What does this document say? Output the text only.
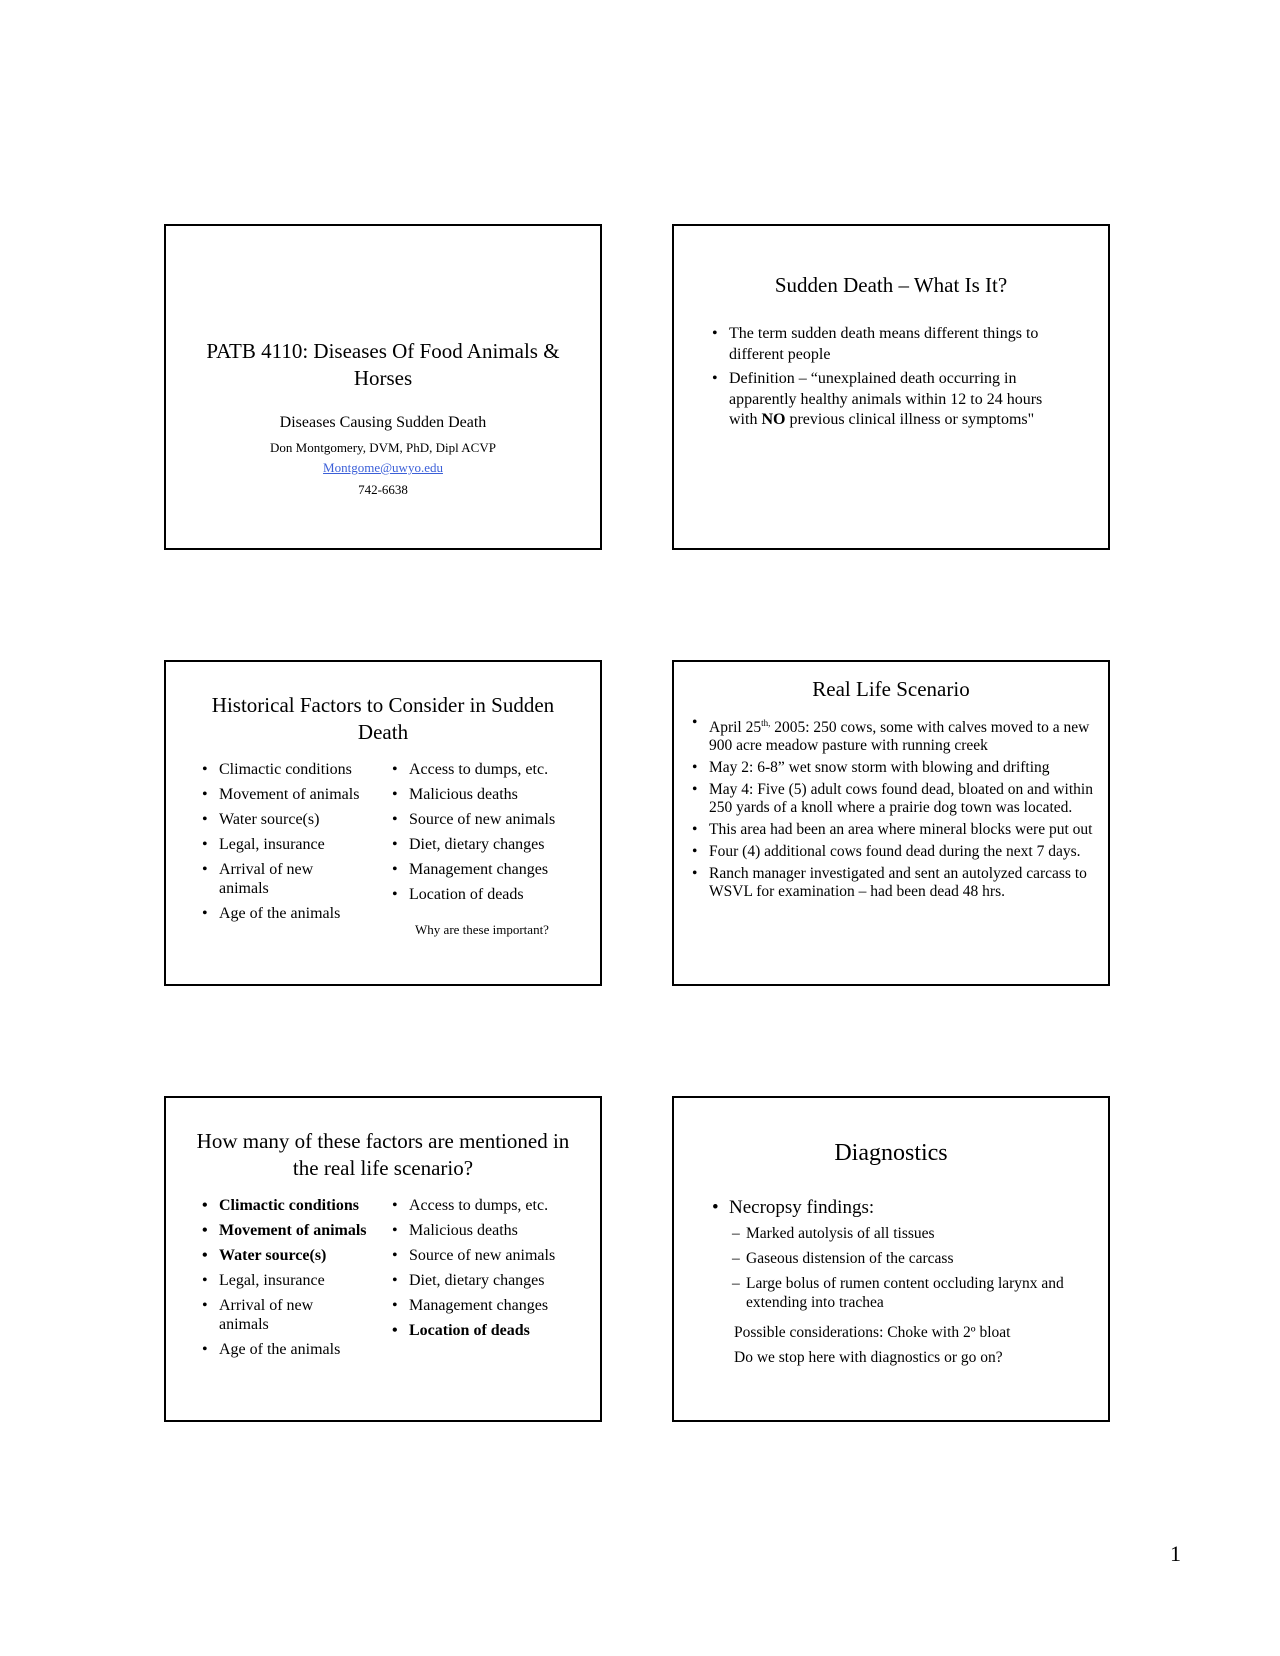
PATB 4110: Diseases Of Food Animals & Horses
Diseases Causing Sudden Death
Don Montgomery, DVM, PhD, Dipl ACVP
Montgome@uwyo.edu
742-6638
Sudden Death – What Is It?
• The term sudden death means different things to different people
• Definition – “unexplained death occurring in apparently healthy animals within 12 to 24 hours with NO previous clinical illness or symptoms"
Historical Factors to Consider in Sudden Death
• Climactic conditions
• Movement of animals
• Water source(s)
• Legal, insurance
• Arrival of new animals
• Age of the animals
• Access to dumps, etc.
• Malicious deaths
• Source of new animals
• Diet, dietary changes
• Management changes
• Location of deads
Why are these important?
Real Life Scenario
• April $25^{th,}$ 2005: 250 cows, some with calves moved to a new 900 acre meadow pasture with running creek
• May 2: 6-8” wet snow storm with blowing and drifting
• May 4: Five (5) adult cows found dead, bloated on and within 250 yards of a knoll where a prairie dog town was located.
• This area had been an area where mineral blocks were put out
• Four (4) additional cows found dead during the next 7 days.
• Ranch manager investigated and sent an autolyzed carcass to WSVL for examination – had been dead 48 hrs.
How many of these factors are mentioned in the real life scenario?
• Climactic conditions
• Movement of animals
• Water source(s)
• Legal, insurance
• Arrival of new animals
• Age of the animals
• Access to dumps, etc.
• Malicious deaths
• Source of new animals
• Diet, dietary changes
• Management changes
• Location of deads
Diagnostics
• Necropsy findings:
– Marked autolysis of all tissues
– Gaseous distension of the carcass
– Large bolus of rumen content occluding larynx and extending into trachea
Possible considerations: Choke with 2º bloat
Do we stop here with diagnostics or go on?
1
